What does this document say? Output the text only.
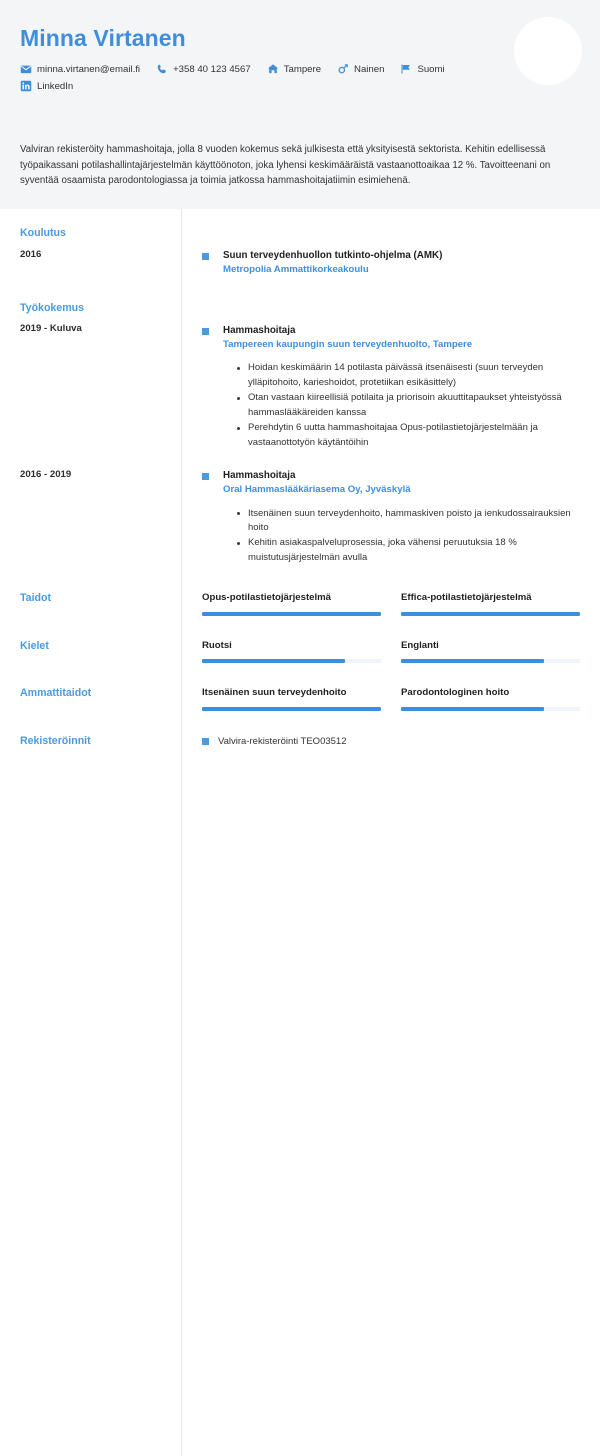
Minna Virtanen
minna.virtanen@email.fi	+358 40 123 4567	Tampere	Nainen	Suomi
LinkedIn

Valviran rekisteröity hammashoitaja, jolla 8 vuoden kokemus sekä julkisesta että yksityisestä sektorista. Kehitin edellisessä työpaikassani potilashallintajärjestelmän käyttöönoton, joka lyhensi keskimääräistä vastaanottoaikaa 12 %. Tavoitteenani on syventää osaamista parodontologiassa ja toimia jatkossa hammashoitajatiimin esimiehenä.

Koulutus
2016	Suun terveydenhuollon tutkinto-ohjelma (AMK)
Metropolia Ammattikorkeakoulu
Työkokemus
2019 - Kuluva	Hammashoitaja
Tampereen kaupungin suun terveydenhuolto, Tampere
Hoidan keskimäärin 14 potilasta päivässä itsenäisesti (suun terveyden ylläpitohoito, karieshoidot, protetiikan esikäsittely)
Otan vastaan kiireellisiä potilaita ja priorisoin akuuttitapaukset yhteistyössä hammaslääkäreiden kanssa
Perehdytin 6 uutta hammashoitajaa Opus-potilastietojärjestelmään ja vastaanottotyön käytäntöihin
2016 - 2019	Hammashoitaja
Oral Hammaslääkäriasema Oy, Jyväskylä
Itsenäinen suun terveydenhoito, hammaskiven poisto ja ienkudossairauksien hoito
Kehitin asiakaspalveluprosessia, joka vähensi peruutuksia 18 % muistutusjärjestelmän avulla
Taidot	Opus-potilastietojärjestelmä	Effica-potilastietojärjestelmä
Kielet	Ruotsi	Englanti
Ammattitaidot	Itsenäinen suun terveydenhoito	Parodontologinen hoito
Rekisteröinnit	Valvira-rekisteröinti TEO03512
